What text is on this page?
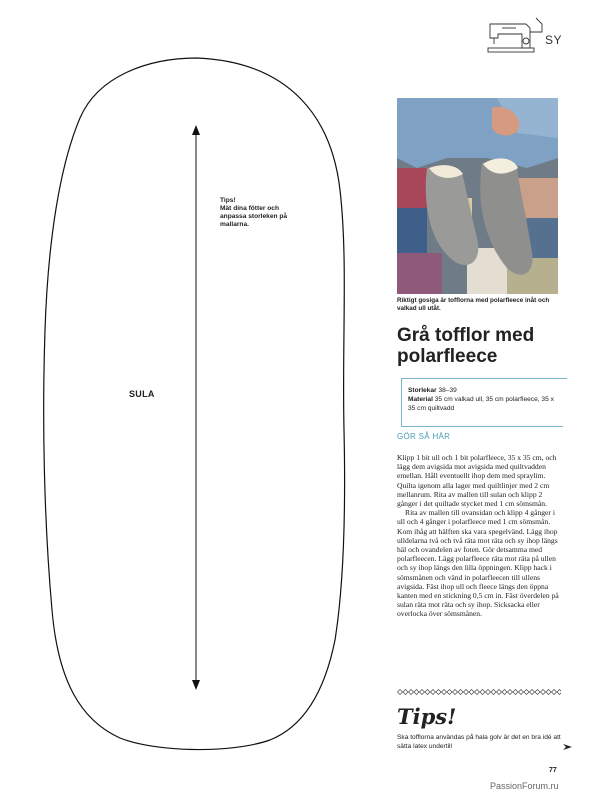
Tips!
Mät dina fötter och anpassa storleken på mallarna.
SULA
SY
Riktigt gosiga är tofflorna med polarfleece inåt och valkad ull utåt.
Grå tofflor med polarfleece
Storlekar 38–39
Material 35 cm valkad ull, 35 cm polarfleece, 35 x 35 cm quiltvadd
GÖR SÅ HÄR

Klipp 1 bit ull och 1 bit polarfleece, 35 x 35 cm, och lägg dem avigsida mot avigsida med quiltvadden emellan. Håll eventuellt ihop dem med spraylim. Quilta igenom alla lager med quiltlinjer med 2 cm mellanrum. Rita av mallen till sulan och klipp 2 gånger i det quiltade stycket med 1 cm sömsmån.

Rita av mallen till ovansidan och klipp 4 gånger i ull och 4 gånger i polarfleece med 1 cm sömsmån. Kom ihåg att hälften ska vara spegelvänd. Lägg ihop ulldelarna två och två räta mot räta och sy ihop längs häl och ovandelen av foten. Gör detsamma med polarfleecen. Lägg polarfleece räta mot räta på ullen och sy ihop längs den lilla öppningen. Klipp hack i sömsmånen och vänd in polarfleecen till ullens avigsida. Fäst ihop ull och fleece längs den öppna kanten med en stickning 0,5 cm in. Fäst överdelen på sulan räta mot räta och sy ihop. Sicksacka eller overlocka över sömsmånen.

Tips!
Ska tofflorna användas på hala golv är det en bra idé att sätta latex undertill
77
PassionForum.ru
